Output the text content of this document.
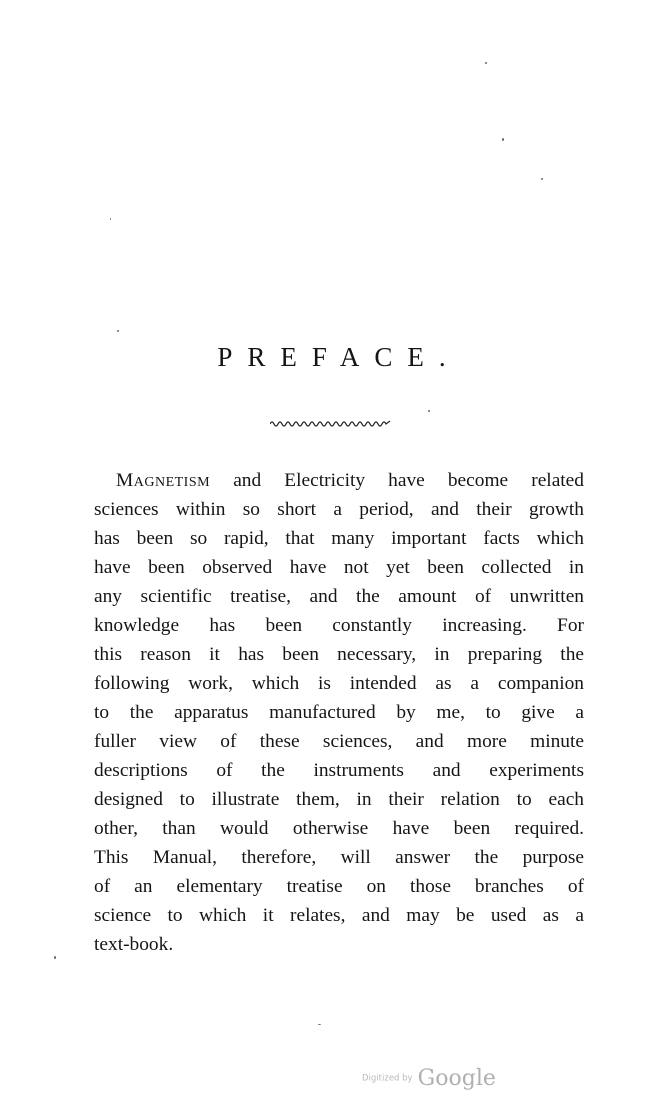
PREFACE.

Magnetism and Electricity have become related
sciences within so short a period, and their growth
has been so rapid, that many important facts which
have been observed have not yet been collected in
any scientific treatise, and the amount of unwritten
knowledge has been constantly increasing. For
this reason it has been necessary, in preparing the
following work, which is intended as a companion
to the apparatus manufactured by me, to give a
fuller view of these sciences, and more minute
descriptions of the instruments and experiments
designed to illustrate them, in their relation to each
other, than would otherwise have been required.
This Manual, therefore, will answer the purpose
of an elementary treatise on those branches of
science to which it relates, and may be used as a
text-book.

Digitized by Google
